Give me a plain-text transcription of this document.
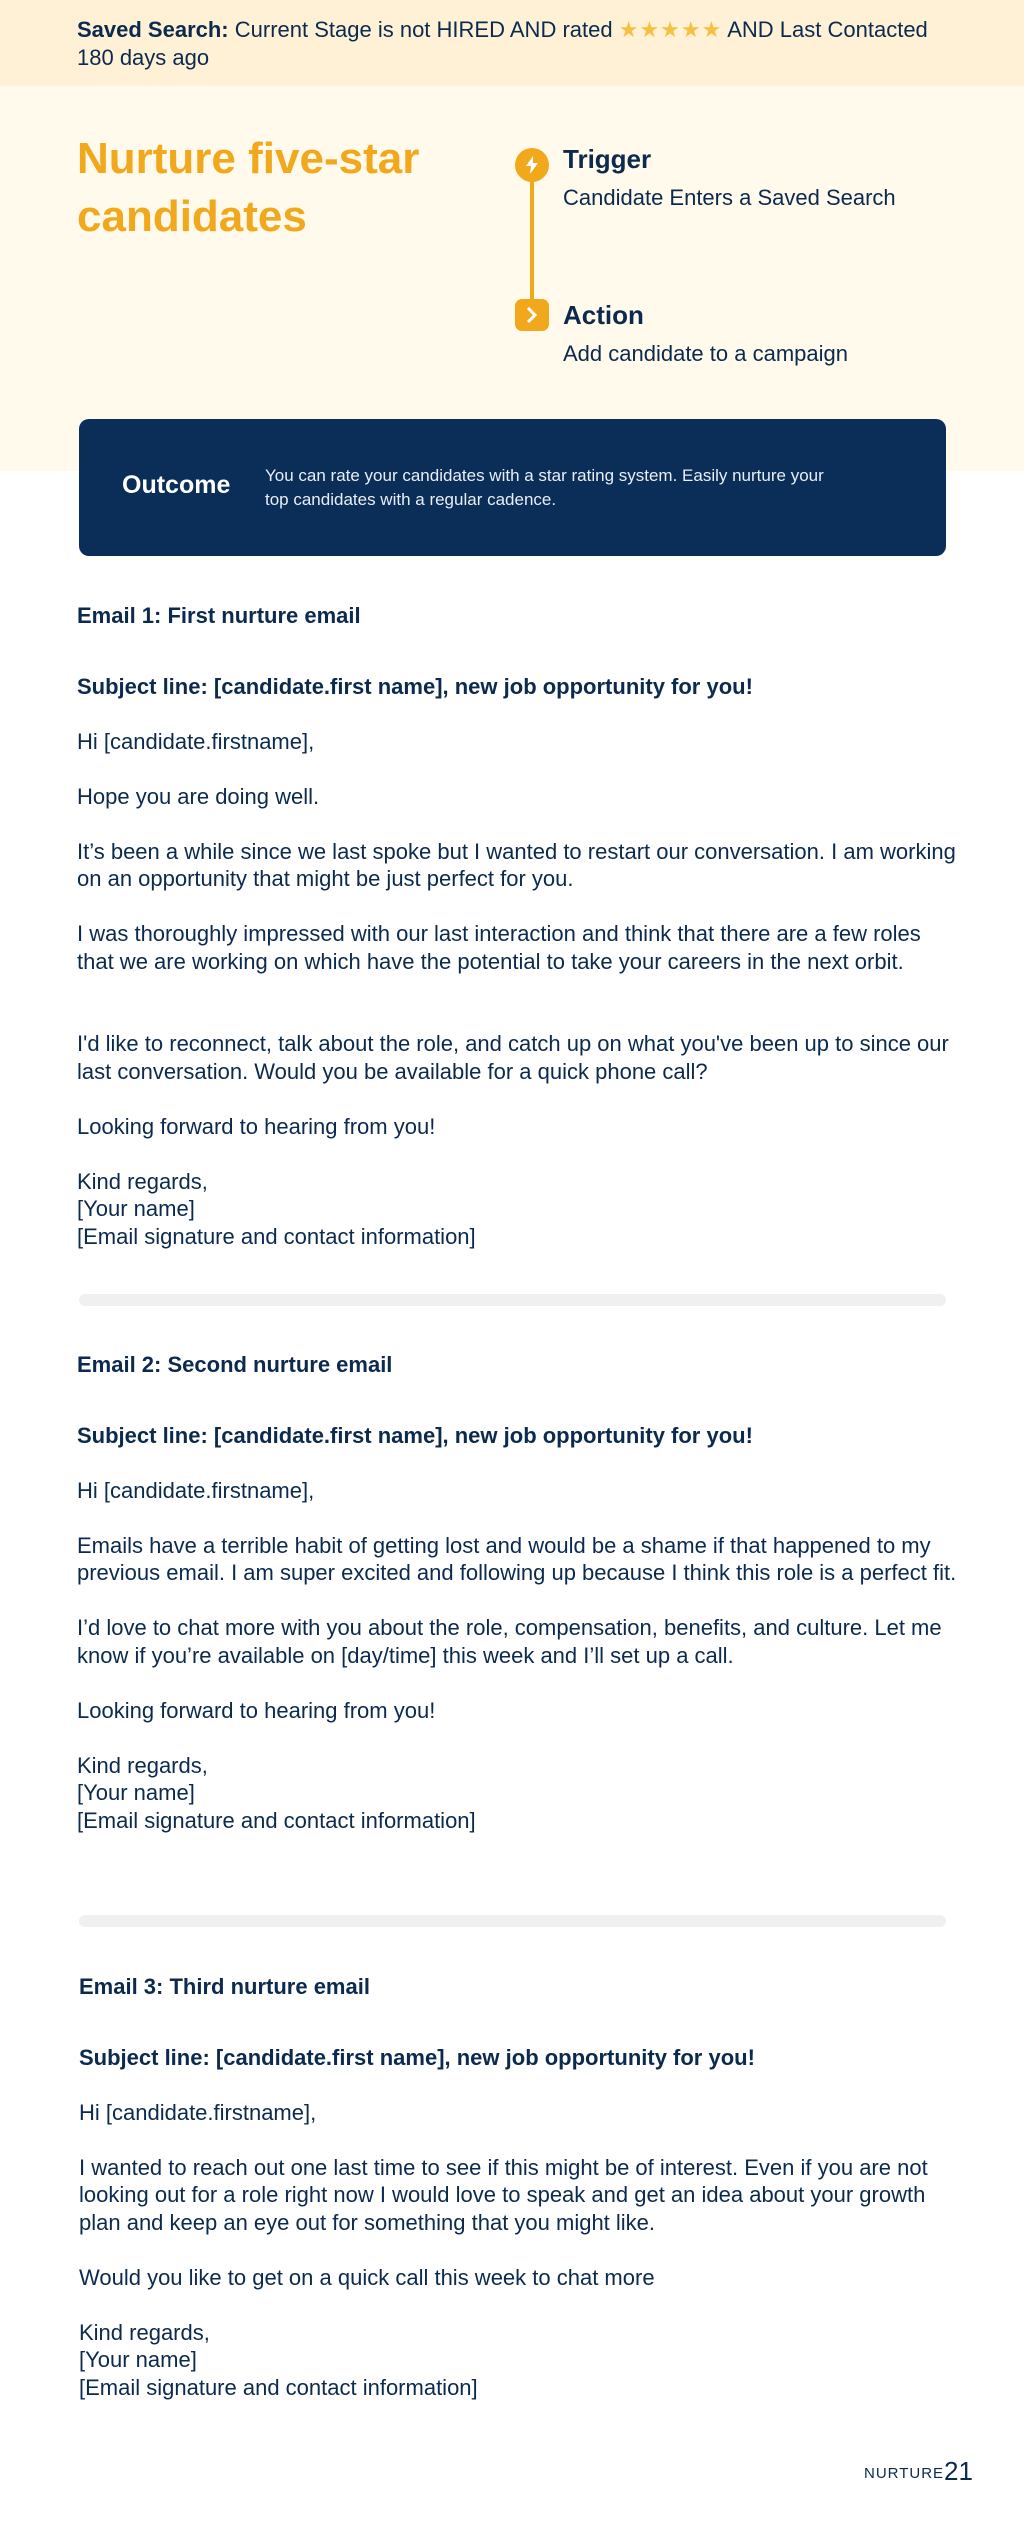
Saved Search: Current Stage is not HIRED AND rated ★★★★★ AND Last Contacted 180 days ago
Nurture five-star candidates
Trigger
Candidate Enters a Saved Search
Action
Add candidate to a campaign
Outcome You can rate your candidates with a star rating system. Easily nurture your top candidates with a regular cadence.
Email 1: First nurture email
Subject line: [candidate.first name], new job opportunity for you!

Hi [candidate.firstname],

Hope you are doing well.

It’s been a while since we last spoke but I wanted to restart our conversation. I am working on an opportunity that might be just perfect for you.

I was thoroughly impressed with our last interaction and think that there are a few roles that we are working on which have the potential to take your careers in the next orbit.

I'd like to reconnect, talk about the role, and catch up on what you've been up to since our last conversation. Would you be available for a quick phone call?

Looking forward to hearing from you!

Kind regards,

[Your name]
[Email signature and contact information]
Email 2: Second nurture email
Subject line: [candidate.first name], new job opportunity for you!

Hi [candidate.firstname],

Emails have a terrible habit of getting lost and would be a shame if that happened to my previous email. I am super excited and following up because I think this role is a perfect fit.

I’d love to chat more with you about the role, compensation, benefits, and culture. Let me know if you’re available on [day/time] this week and I’ll set up a call.

Looking forward to hearing from you!

Kind regards,

[Your name]
[Email signature and contact information]
Email 3: Third nurture email
Subject line: [candidate.first name], new job opportunity for you!

Hi [candidate.firstname],

I wanted to reach out one last time to see if this might be of interest. Even if you are not looking out for a role right now I would love to speak and get an idea about your growth plan and keep an eye out for something that you might like.

Would you like to get on a quick call this week to chat more

Kind regards,

[Your name]
[Email signature and contact information]
NURTURE 21
